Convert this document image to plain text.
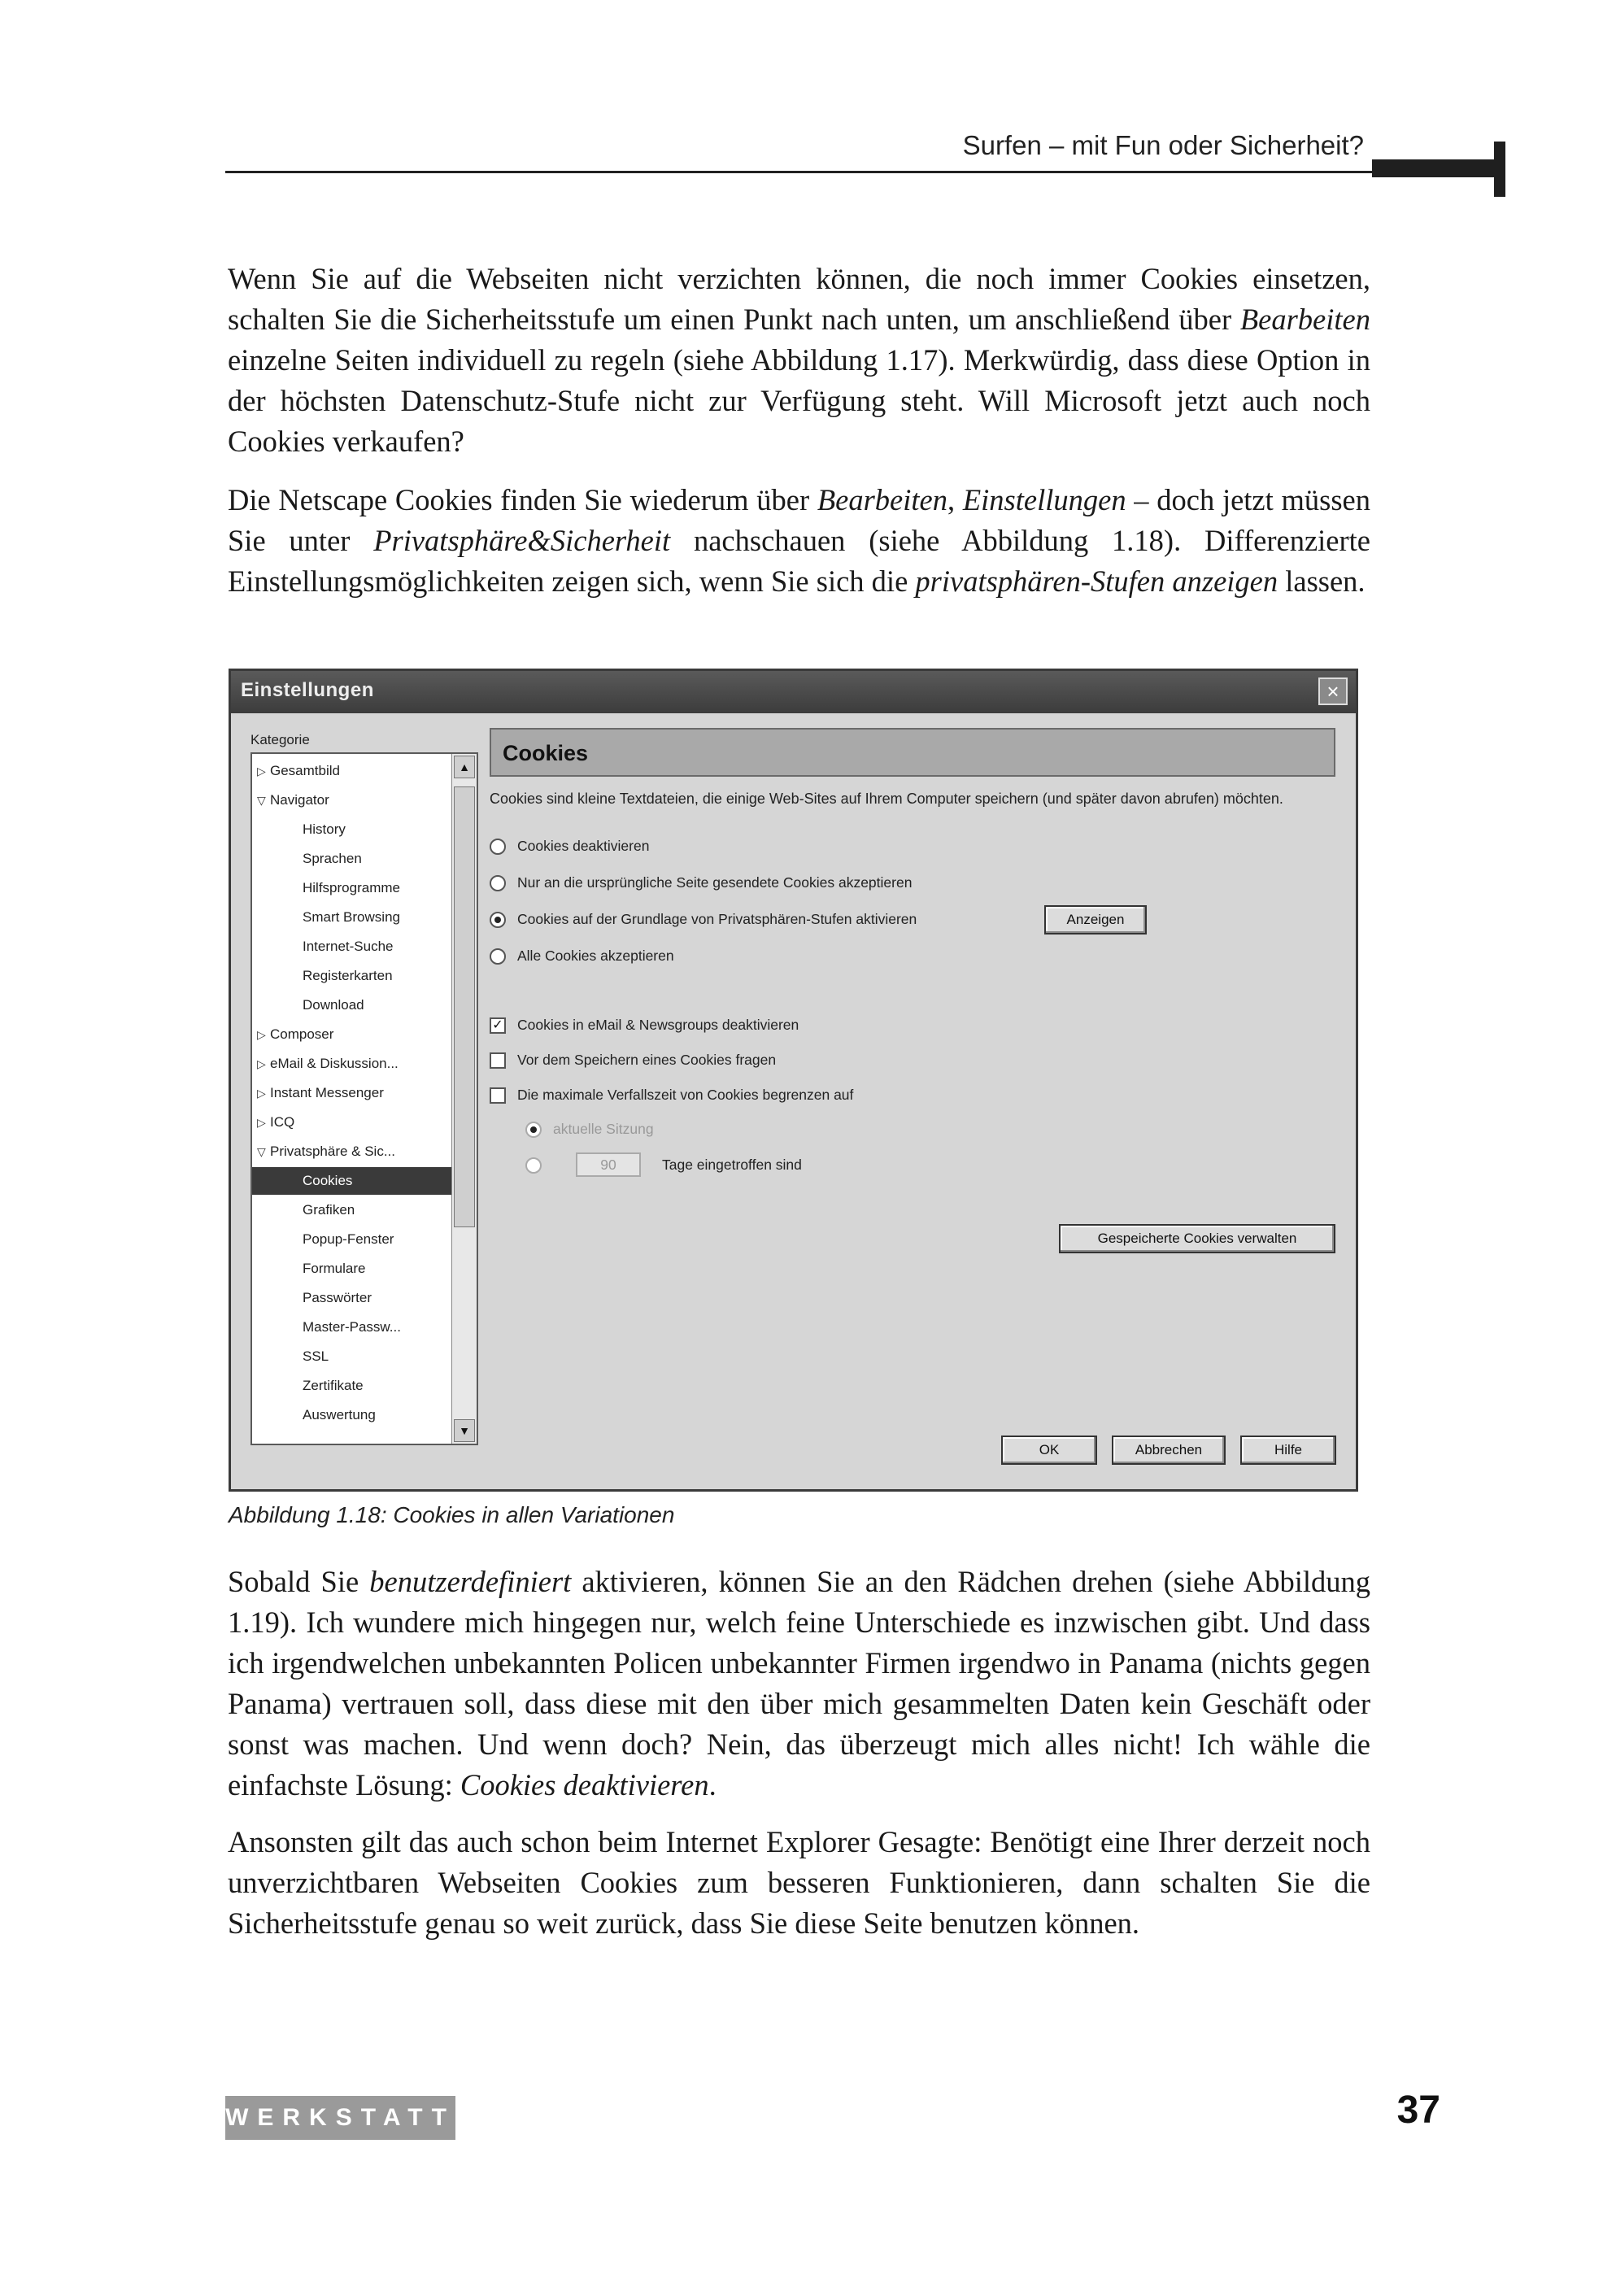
Surfen – mit Fun oder Sicherheit?

Wenn Sie auf die Webseiten nicht verzichten können, die noch immer Cookies einsetzen, schalten Sie die Sicherheitsstufe um einen Punkt nach unten, um anschließend über Bearbeiten einzelne Seiten individuell zu regeln (siehe Abbildung 1.17). Merkwürdig, dass diese Option in der höchsten Datenschutz-Stufe nicht zur Verfügung steht. Will Microsoft jetzt auch noch Cookies verkaufen?

Die Netscape Cookies finden Sie wiederum über Bearbeiten, Einstellungen – doch jetzt müssen Sie unter Privatsphäre&Sicherheit nachschauen (siehe Abbildung 1.18). Differenzierte Einstellungsmöglichkeiten zeigen sich, wenn Sie sich die privatsphären-Stufen anzeigen lassen.

Einstellungen	×
Kategorie
Auswertung
Zertifikate
SSL
Master-Passw...
Passwörter
Formulare
Popup-Fenster
Grafiken
Cookies
▽ Privatsphäre & Sic...
▷ ICQ
▷ Instant Messenger
▷ eMail & Diskussion...
▷ Composer
Download
Registerkarten
Internet-Suche
Smart Browsing
Hilfsprogramme
Sprachen
History
▽ Navigator
▷ Gesamtbild	▲
▼
Cookies
Cookies sind kleine Textdateien, die einige Web-Sites auf Ihrem Computer speichern (und später davon abrufen) möchten.
Cookies deaktivieren
Nur an die ursprüngliche Seite gesendete Cookies akzeptieren
Cookies auf der Grundlage von Privatsphären-Stufen aktivieren	Anzeigen
Alle Cookies akzeptieren
✓ Cookies in eMail & Newsgroups deaktivieren
Vor dem Speichern eines Cookies fragen
Die maximale Verfallszeit von Cookies begrenzen auf
aktuelle Sitzung
90	Tage eingetroffen sind
Gespeicherte Cookies verwalten
OK	Abbrechen	Hilfe
Abbildung 1.18: Cookies in allen Variationen

Sobald Sie benutzerdefiniert aktivieren, können Sie an den Rädchen drehen (siehe Abbildung 1.19). Ich wundere mich hingegen nur, welch feine Unterschiede es inzwischen gibt. Und dass ich irgendwelchen unbekannten Policen unbekannter Firmen irgendwo in Panama (nichts gegen Panama) vertrauen soll, dass diese mit den über mich gesammelten Daten kein Geschäft oder sonst was machen. Und wenn doch? Nein, das überzeugt mich alles nicht! Ich wähle die einfachste Lösung: Cookies deaktivieren.

Ansonsten gilt das auch schon beim Internet Explorer Gesagte: Benötigt eine Ihrer derzeit noch unverzichtbaren Webseiten Cookies zum besseren Funktionieren, dann schalten Sie die Sicherheitsstufe genau so weit zurück, dass Sie diese Seite benutzen können.

WERKSTATT	37
